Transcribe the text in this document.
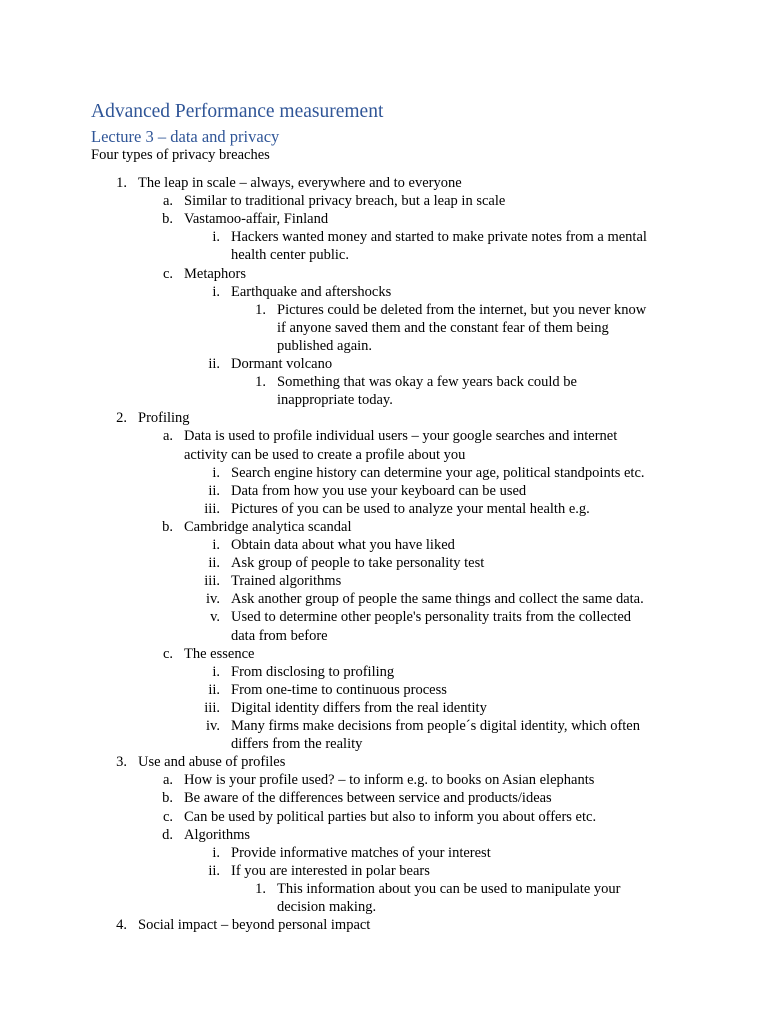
Advanced Performance measurement
Lecture 3 – data and privacy
Four types of privacy breaches
1. The leap in scale – always, everywhere and to everyone
a. Similar to traditional privacy breach, but a leap in scale
b. Vastamoo-affair, Finland
i. Hackers wanted money and started to make private notes from a mental
health center public.
c. Metaphors
i. Earthquake and aftershocks
1. Pictures could be deleted from the internet, but you never know
if anyone saved them and the constant fear of them being
published again.
ii. Dormant volcano
1. Something that was okay a few years back could be
inappropriate today.
2. Profiling
a. Data is used to profile individual users – your google searches and internet
activity can be used to create a profile about you
i. Search engine history can determine your age, political standpoints etc.
ii. Data from how you use your keyboard can be used
iii. Pictures of you can be used to analyze your mental health e.g.
b. Cambridge analytica scandal
i. Obtain data about what you have liked
ii. Ask group of people to take personality test
iii. Trained algorithms
iv. Ask another group of people the same things and collect the same data.
v. Used to determine other people's personality traits from the collected
data from before
c. The essence
i. From disclosing to profiling
ii. From one-time to continuous process
iii. Digital identity differs from the real identity
iv. Many firms make decisions from people´s digital identity, which often
differs from the reality
3. Use and abuse of profiles
a. How is your profile used? – to inform e.g. to books on Asian elephants
b. Be aware of the differences between service and products/ideas
c. Can be used by political parties but also to inform you about offers etc.
d. Algorithms
i. Provide informative matches of your interest
ii. If you are interested in polar bears
1. This information about you can be used to manipulate your
decision making.
4. Social impact – beyond personal impact
